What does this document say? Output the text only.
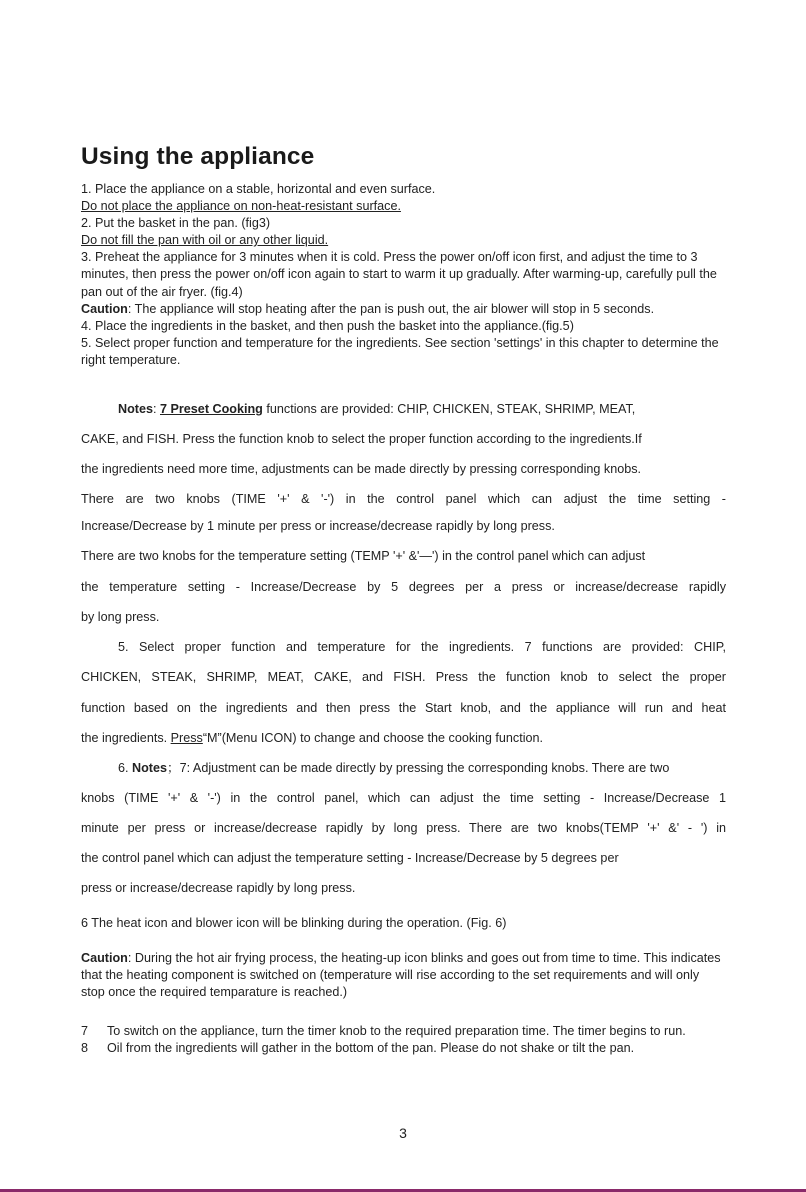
Using the appliance

1. Place the appliance on a stable, horizontal and even surface.

Do not place the appliance on non-heat-resistant surface.

2. Put the basket in the pan. (fig3)

Do not fill the pan with oil or any other liquid.

3. Preheat the appliance for 3 minutes when it is cold. Press the power on/off icon first, and adjust the time to 3 minutes, then press the power on/off icon again to start to warm it up gradually. After warming-up, carefully pull the pan out of the air fryer. (fig.4)

Caution: The appliance will stop heating after the pan is push out, the air blower will stop in 5 seconds.

4. Place the ingredients in the basket, and then push the basket into the appliance.(fig.5)

5. Select proper function and temperature for the ingredients. See section 'settings' in this chapter to determine the right temperature.

Notes: 7 Preset Cooking functions are provided: CHIP, CHICKEN, STEAK, SHRIMP, MEAT,
CAKE, and FISH. Press the function knob to select the proper function according to the ingredients.If
the ingredients need more time, adjustments can be made directly by pressing corresponding knobs.
There are two knobs (TIME '+' & '-') in the control panel which can adjust the time setting -
Increase/Decrease by 1 minute per press or increase/decrease rapidly by long press.
There are two knobs for the temperature setting (TEMP '+' &'—') in the control panel which can adjust
the temperature setting - Increase/Decrease by 5 degrees per a press or increase/decrease rapidly
by long press.
5. Select proper function and temperature for the ingredients. 7 functions are provided: CHIP,
CHICKEN, STEAK, SHRIMP, MEAT, CAKE, and FISH. Press the function knob to select the proper
function based on the ingredients and then press the Start knob, and the appliance will run and heat
the ingredients. Press“M”(Menu ICON) to change and choose the cooking function.
6. Notes；7: Adjustment can be made directly by pressing the corresponding knobs. There are two
knobs (TIME '+' & '-') in the control panel, which can adjust the time setting - Increase/Decrease 1
minute per press or increase/decrease rapidly by long press. There are two knobs(TEMP '+' &' - ') in
the control panel which can adjust the temperature setting - Increase/Decrease by 5 degrees per
press or increase/decrease rapidly by long press.

6 The heat icon and blower icon will be blinking during the operation. (Fig. 6)

Caution: During the hot air frying process, the heating-up icon blinks and goes out from time to time. This indicates that the heating component is switched on (temperature will rise according to the set requirements and will only stop once the required temparature is reached.)

7 To switch on the appliance, turn the timer knob to the required preparation time. The timer begins to run.
8 Oil from the ingredients will gather in the bottom of the pan. Please do not shake or tilt the pan.
3
